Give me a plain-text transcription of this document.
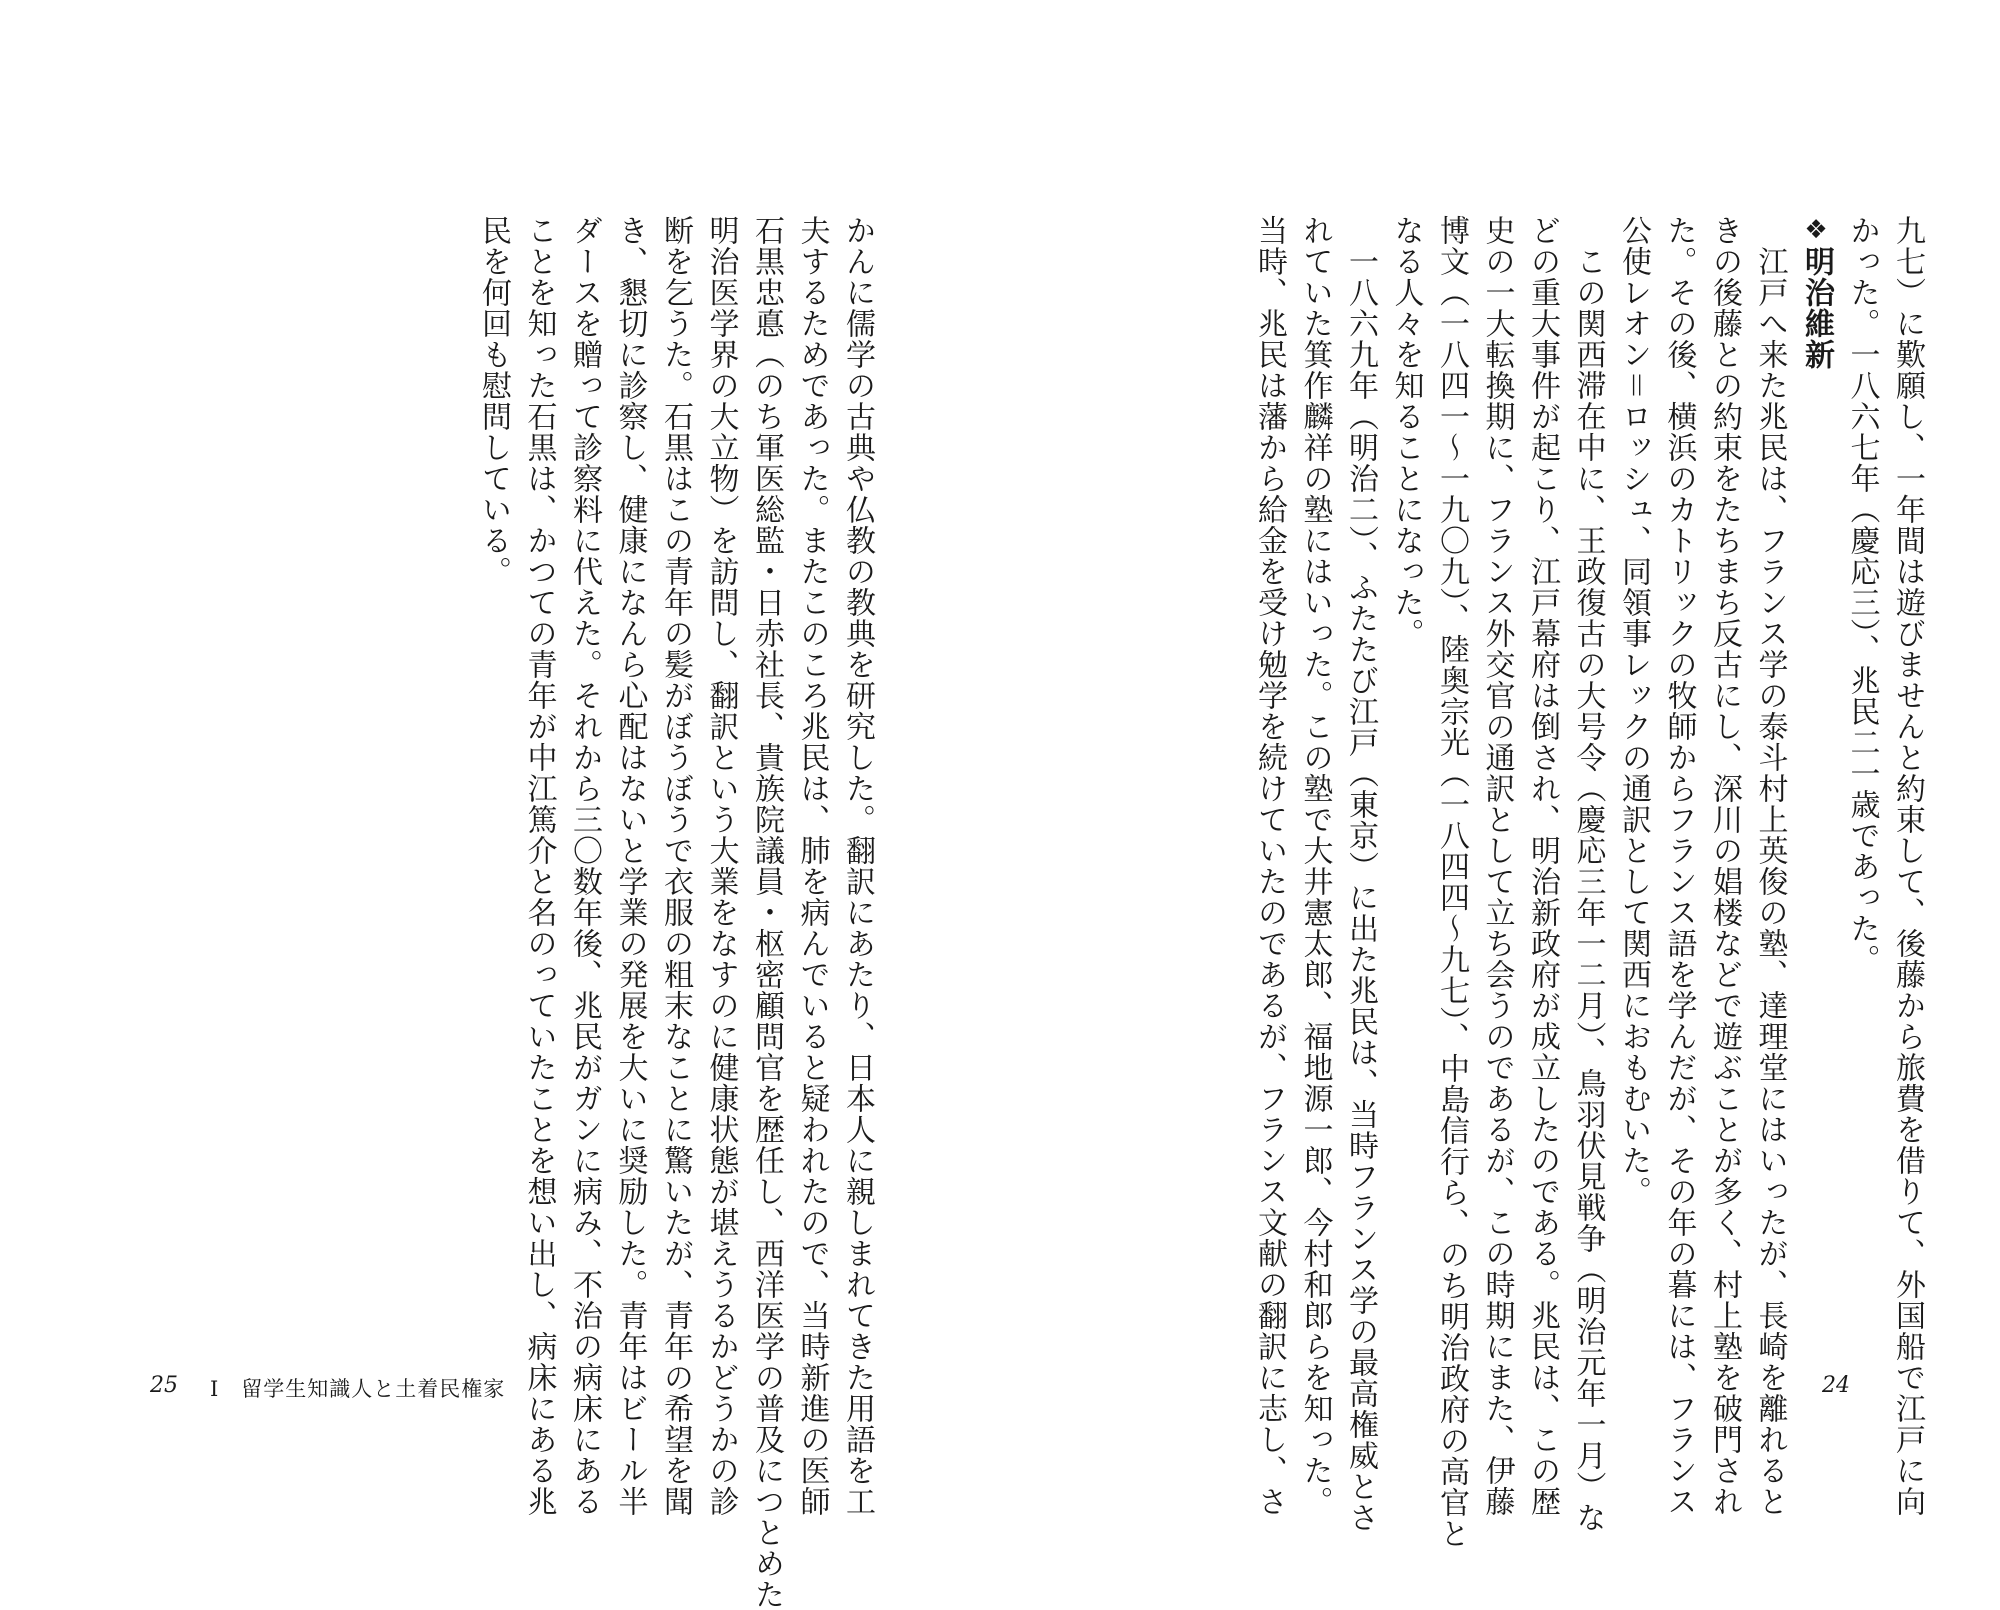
九七）に歎願し、一年間は遊びませんと約束して、後藤から旅費を借りて、外国船で江戸に向
かった。一八六七年（慶応三）、兆民二一歳であった。
❖明治維新
　江戸へ来た兆民は、フランス学の泰斗村上英俊の塾、達理堂にはいったが、長崎を離れると
きの後藤との約束をたちまち反古にし、深川の娼楼などで遊ぶことが多く、村上塾を破門され
た。その後、横浜のカトリックの牧師からフランス語を学んだが、その年の暮には、フランス
公使レオン＝ロッシュ、同領事レックの通訳として関西におもむいた。
　この関西滞在中に、王政復古の大号令（慶応三年一二月）、鳥羽伏見戦争（明治元年一月）な
どの重大事件が起こり、江戸幕府は倒され、明治新政府が成立したのである。兆民は、この歴
史の一大転換期に、フランス外交官の通訳として立ち会うのであるが、この時期にまた、伊藤
博文（一八四一〜一九〇九）、陸奥宗光（一八四四〜九七）、中島信行ら、のち明治政府の高官と
なる人々を知ることになった。
　一八六九年（明治二）、ふたたび江戸（東京）に出た兆民は、当時フランス学の最高権威とさ
れていた箕作麟祥の塾にはいった。この塾で大井憲太郎、福地源一郎、今村和郎らを知った。
当時、兆民は藩から給金を受け勉学を続けていたのであるが、フランス文献の翻訳に志し、さ	24
かんに儒学の古典や仏教の教典を研究した。翻訳にあたり、日本人に親しまれてきた用語を工
夫するためであった。またこのころ兆民は、肺を病んでいると疑われたので、当時新進の医師
石黒忠悳（のち軍医総監・日赤社長、貴族院議員・枢密顧問官を歴任し、西洋医学の普及につとめた
明治医学界の大立物）を訪問し、翻訳という大業をなすのに健康状態が堪えうるかどうかの診
断を乞うた。石黒はこの青年の髪がぼうぼうで衣服の粗末なことに驚いたが、青年の希望を聞
き、懇切に診察し、健康になんら心配はないと学業の発展を大いに奨励した。青年はビール半
ダースを贈って診察料に代えた。それから三〇数年後、兆民がガンに病み、不治の病床にある
ことを知った石黒は、かつての青年が中江篤介と名のっていたことを想い出し、病床にある兆
民を何回も慰問している。
25 Ⅰ　留学生知識人と土着民権家
